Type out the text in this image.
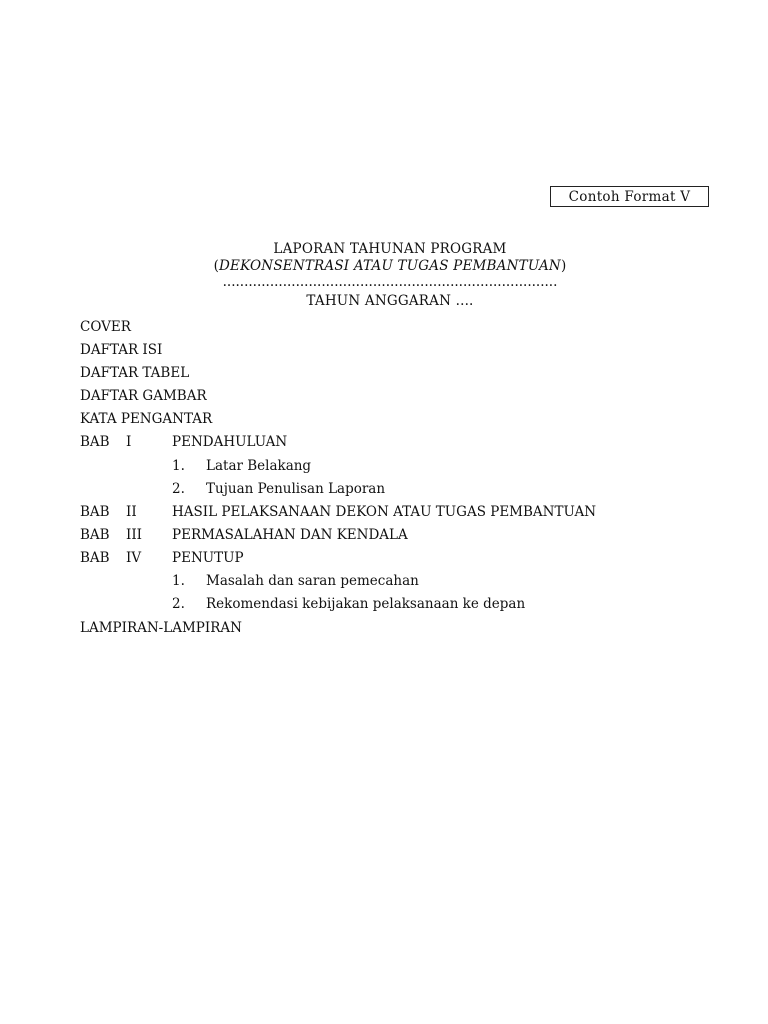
Contoh Format V
LAPORAN TAHUNAN PROGRAM
(DEKONSENTRASI ATAU TUGAS PEMBANTUAN)
..............................................................................
TAHUN ANGGARAN ....
COVER
DAFTAR ISI
DAFTAR TABEL
DAFTAR GAMBAR
KATA PENGANTAR
BAB I	PENDAHULUAN
1. Latar Belakang
2. Tujuan Penulisan Laporan
BAB II	HASIL PELAKSANAAN DEKON ATAU TUGAS PEMBANTUAN
BAB III PERMASALAHAN DAN KENDALA
BAB IV PENUTUP
1. Masalah dan saran pemecahan
2. Rekomendasi kebijakan pelaksanaan ke depan
LAMPIRAN-LAMPIRAN
